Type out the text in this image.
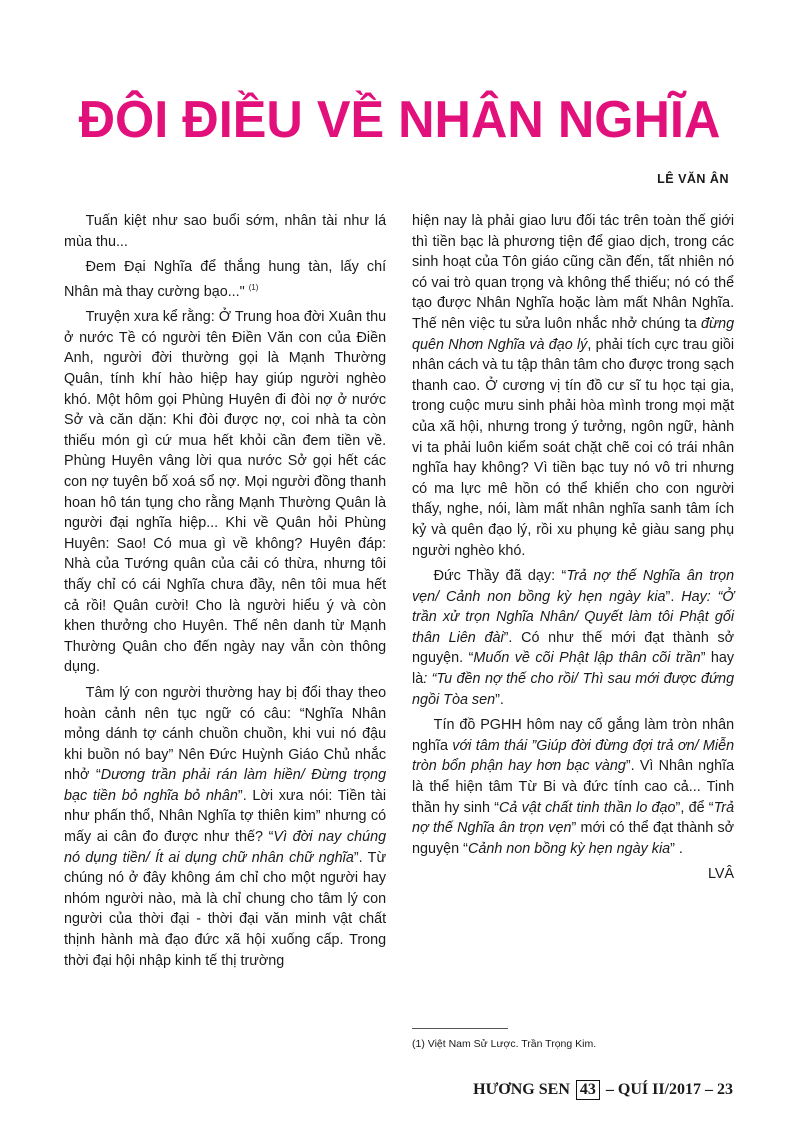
ĐÔI ĐIỀU VỀ NHÂN NGHĨA
LÊ VĂN ÂN

Tuấn kiệt như sao buổi sớm, nhân tài như lá mùa thu...

Đem Đại Nghĩa để thắng hung tàn, lấy chí Nhân mà thay cường bạo..." $^{(1)}$

Truyện xưa kể rằng: Ở Trung hoa đời Xuân thu ở nước Tề có người tên Điền Văn con của Điền Anh, người đời thường gọi là Mạnh Thường Quân, tính khí hào hiệp hay giúp người nghèo khó. Một hôm gọi Phùng Huyên đi đòi nợ ở nước Sở và căn dặn: Khi đòi được nợ, coi nhà ta còn thiếu món gì cứ mua hết khỏi cần đem tiền về. Phùng Huyên vâng lời qua nước Sở gọi hết các con nợ tuyên bố xoá sổ nợ. Mọi người đồng thanh hoan hô tán tụng cho rằng Mạnh Thường Quân là người đại nghĩa hiệp... Khi về Quân hỏi Phùng Huyên: Sao! Có mua gì về không? Huyên đáp: Nhà của Tướng quân của cải có thừa, nhưng tôi thấy chỉ có cái Nghĩa chưa đầy, nên tôi mua hết cả rồi! Quân cười! Cho là người hiểu ý và còn khen thưởng cho Huyên. Thế nên danh từ Mạnh Thường Quân cho đến ngày nay vẫn còn thông dụng.

Tâm lý con người thường hay bị đổi thay theo hoàn cảnh nên tục ngữ có câu: “Nghĩa Nhân mỏng dánh tợ cánh chuồn chuồn, khi vui nó đậu khi buồn nó bay” Nên Đức Huỳnh Giáo Chủ nhắc nhở “Dương trần phải rán làm hiền/ Đừng trọng bạc tiền bỏ nghĩa bỏ nhân”. Lời xưa nói: Tiền tài như phấn thổ, Nhân Nghĩa tợ thiên kim” nhưng có mấy ai cân đo được như thế? “Vì đời nay chúng nó dụng tiền/ Ít ai dụng chữ nhân chữ nghĩa”. Từ chúng nó ở đây không ám chỉ cho một người hay nhóm người nào, mà là chỉ chung cho tâm lý con người của thời đại - thời đại văn minh vật chất thịnh hành mà đạo đức xã hội xuống cấp. Trong thời đại hội nhập kinh tế thị trường

hiện nay là phải giao lưu đối tác trên toàn thế giới thì tiền bạc là phương tiện để giao dịch, trong các sinh hoạt của Tôn giáo cũng cần đến, tất nhiên nó có vai trò quan trọng và không thể thiếu; nó có thể tạo được Nhân Nghĩa hoặc làm mất Nhân Nghĩa. Thế nên việc tu sửa luôn nhắc nhở chúng ta đừng quên Nhơn Nghĩa và đạo lý, phải tích cực trau giồi nhân cách và tu tập thân tâm cho được trong sạch thanh cao. Ở cương vị tín đồ cư sĩ tu học tại gia, trong cuộc mưu sinh phải hòa mình trong mọi mặt của xã hội, nhưng trong ý tưởng, ngôn ngữ, hành vi ta phải luôn kiểm soát chặt chẽ coi có trái nhân nghĩa hay không? Vì tiền bạc tuy nó vô tri nhưng có ma lực mê hồn có thể khiến cho con người thấy, nghe, nói, làm mất nhân nghĩa sanh tâm ích kỷ và quên đạo lý, rồi xu phụng kẻ giàu sang phụ người nghèo khó.

Đức Thầy đã dạy: “Trả nợ thế Nghĩa ân trọn vẹn/ Cảnh non bồng kỳ hẹn ngày kia”. Hay: “Ở trần xử trọn Nghĩa Nhân/ Quyết làm tôi Phật gối thân Liên đài”. Có như thế mới đạt thành sở nguyện. “Muốn về cõi Phật lập thân cõi trần” hay là: “Tu đền nợ thế cho rồi/ Thì sau mới được đứng ngồi Tòa sen”.

Tín đồ PGHH hôm nay cố gắng làm tròn nhân nghĩa với tâm thái ”Giúp đời đừng đợi trả ơn/ Miễn tròn bổn phận hay hơn bạc vàng”. Vì Nhân nghĩa là thể hiện tâm Từ Bi và đức tính cao cả... Tinh thần hy sinh “Cả vật chất tinh thần lo đạo”, để “Trả nợ thế Nghĩa ân trọn vẹn” mới có thể đạt thành sở nguyện “Cảnh non bồng kỳ hẹn ngày kia” .

LVÂ

(1) Việt Nam Sử Lược. Trần Trọng Kim.

HƯƠNG SEN 43 – QUÍ II/2017 – 23
